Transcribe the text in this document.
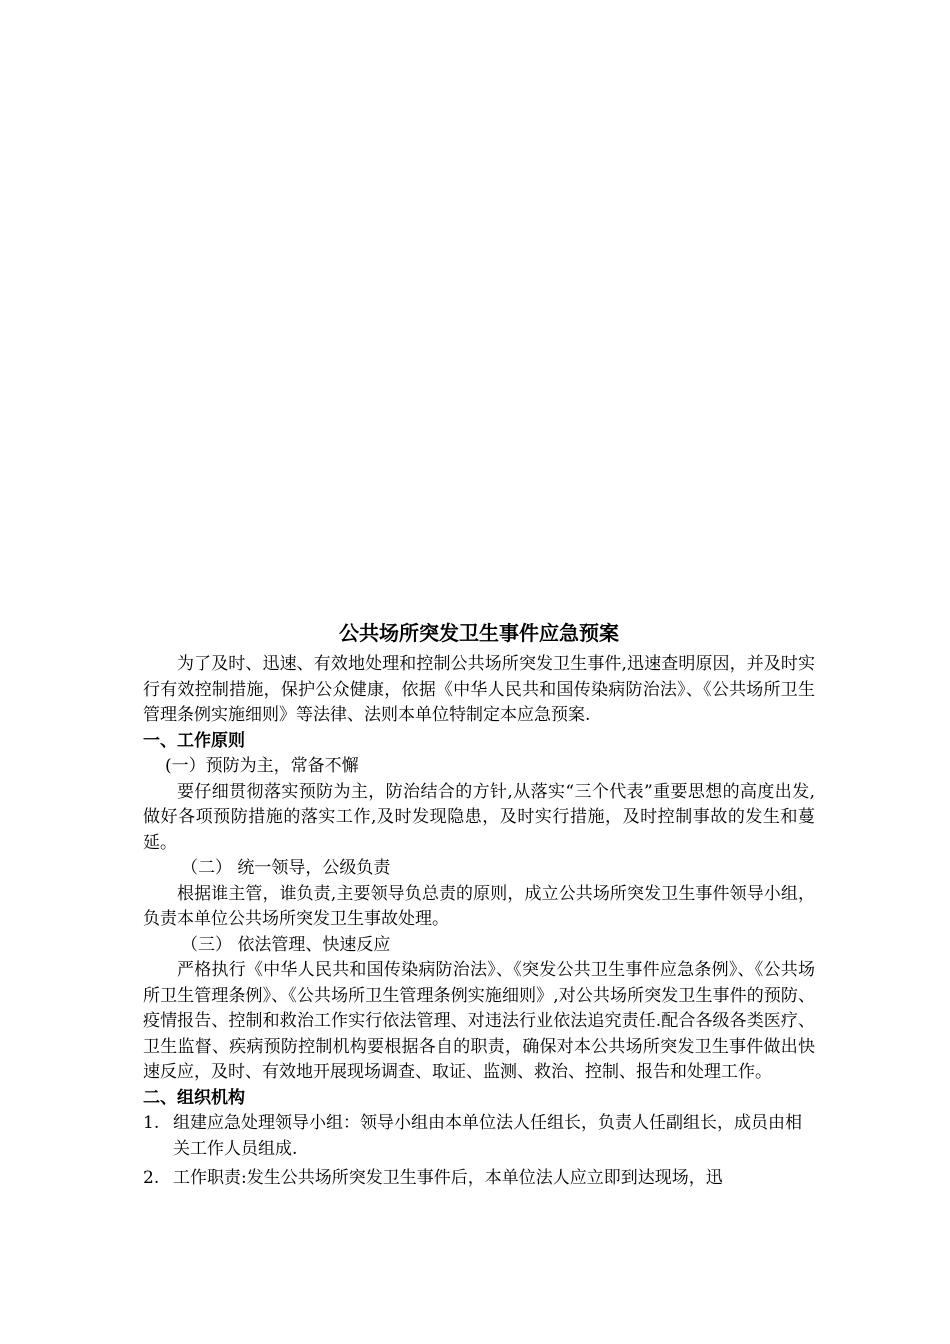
公共场所突发卫生事件应急预案

为了及时、迅速、有效地处理和控制公共场所突发卫生事件,迅速查明原因，并及时实行有效控制措施，保护公众健康，依据《中华人民共和国传染病防治法》、《公共场所卫生管理条例实施细则》等法律、法则本单位特制定本应急预案.

一、工作原则

(一）预防为主，常备不懈

要仔细贯彻落实预防为主，防治结合的方针,从落实“三个代表”重要思想的高度出发,做好各项预防措施的落实工作,及时发现隐患，及时实行措施，及时控制事故的发生和蔓延。

（二） 统一领导，公级负责

根据谁主管，谁负责,主要领导负总责的原则，成立公共场所突发卫生事件领导小组，负责本单位公共场所突发卫生事故处理。

（三） 依法管理、快速反应

严格执行《中华人民共和国传染病防治法》、《突发公共卫生事件应急条例》、《公共场所卫生管理条例》、《公共场所卫生管理条例实施细则》,对公共场所突发卫生事件的预防、疫情报告、控制和救治工作实行依法管理、对违法行业依法追究责任.配合各级各类医疗、卫生监督、疾病预防控制机构要根据各自的职责，确保对本公共场所突发卫生事件做出快速反应，及时、有效地开展现场调查、取证、监测、救治、控制、报告和处理工作。

二、组织机构
1. 组建应急处理领导小组：领导小组由本单位法人任组长，负责人任副组长，成员由相关工作人员组成.
2. 工作职责:发生公共场所突发卫生事件后，本单位法人应立即到达现场，迅
